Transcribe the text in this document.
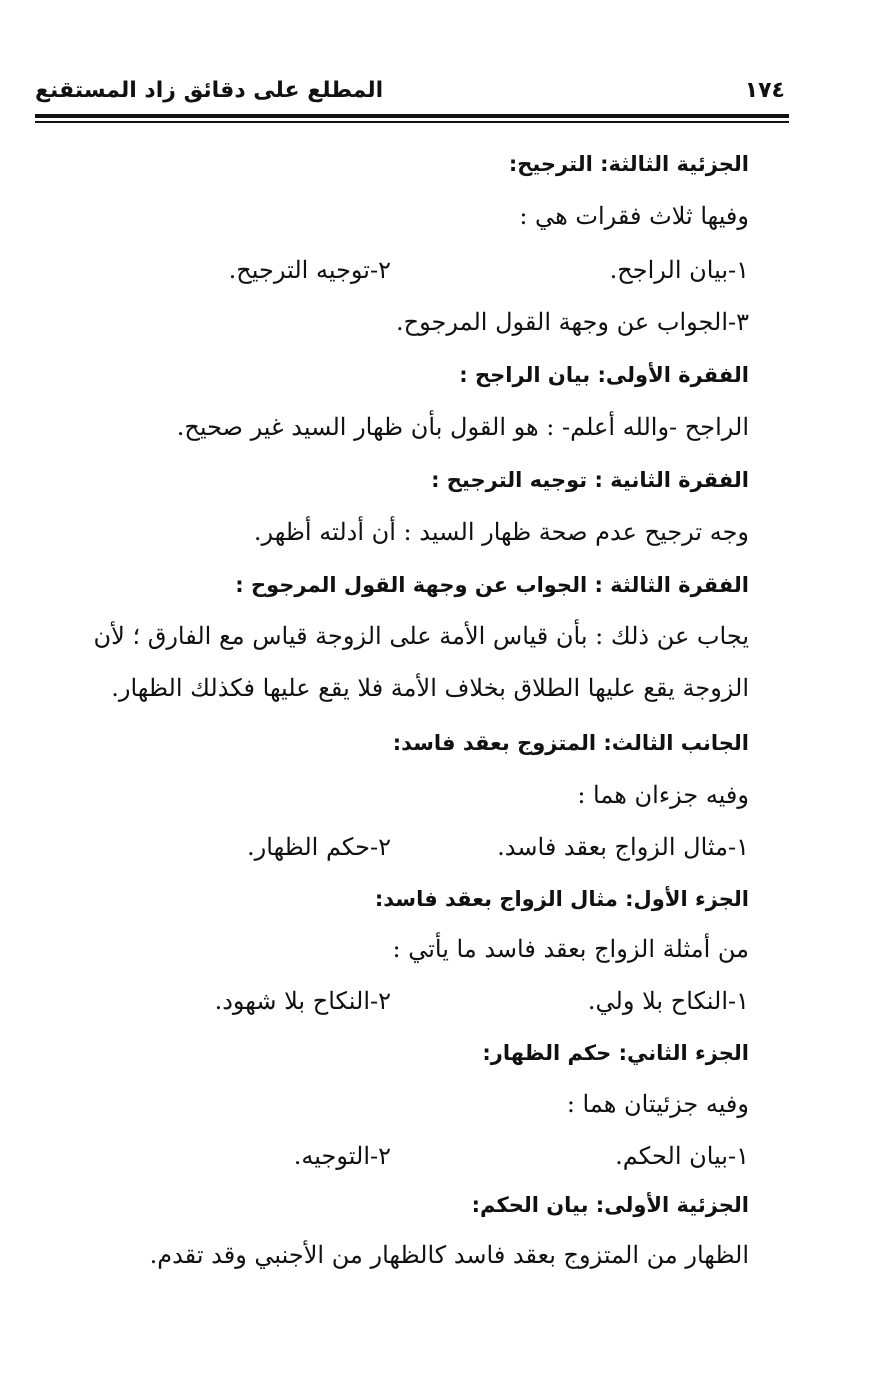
المطلع على دقائق زاد المستقنع	١٧٤
الجزئية الثالثة: الترجيح:
وفيها ثلاث فقرات هي :
١-بيان الراجح.
٢-توجيه الترجيح.
٣-الجواب عن وجهة القول المرجوح.
الفقرة الأولى: بيان الراجح :
الراجح -والله أعلم- : هو القول بأن ظهار السيد غير صحيح.
الفقرة الثانية : توجيه الترجيح :
وجه ترجيح عدم صحة ظهار السيد : أن أدلته أظهر.
الفقرة الثالثة : الجواب عن وجهة القول المرجوح :
يجاب عن ذلك : بأن قياس الأمة على الزوجة قياس مع الفارق ؛ لأن
الزوجة يقع عليها الطلاق بخلاف الأمة فلا يقع عليها فكذلك الظهار.
الجانب الثالث: المتزوج بعقد فاسد:
وفيه جزءان هما :
١-مثال الزواج بعقد فاسد.
٢-حكم الظهار.
الجزء الأول: مثال الزواج بعقد فاسد:
من أمثلة الزواج بعقد فاسد ما يأتي :
١-النكاح بلا ولي.
٢-النكاح بلا شهود.
الجزء الثاني: حكم الظهار:
وفيه جزئيتان هما :
١-بيان الحكم.
٢-التوجيه.
الجزئية الأولى: بيان الحكم:
الظهار من المتزوج بعقد فاسد كالظهار من الأجنبي وقد تقدم.
